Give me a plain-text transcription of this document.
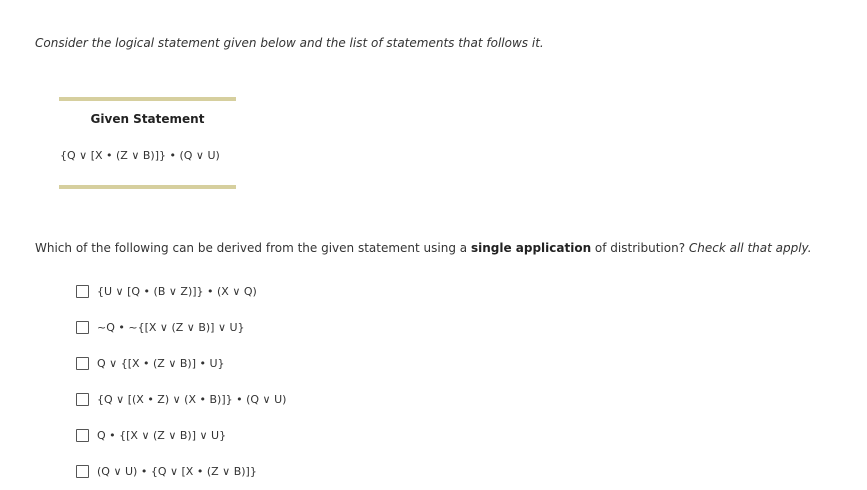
Consider the logical statement given below and the list of statements that follows it.
Given Statement
{Q ∨ [X • (Z ∨ B)]} • (Q ∨ U)
Which of the following can be derived from the given statement using a single application of distribution? Check all that apply.
{U ∨ [Q • (B ∨ Z)]} • (X ∨ Q)
~Q • ~{[X ∨ (Z ∨ B)] ∨ U}
Q ∨ {[X • (Z ∨ B)] • U}
{Q ∨ [(X • Z) ∨ (X • B)]} • (Q ∨ U)
Q • {[X ∨ (Z ∨ B)] ∨ U}
(Q ∨ U) • {Q ∨ [X • (Z ∨ B)]}
